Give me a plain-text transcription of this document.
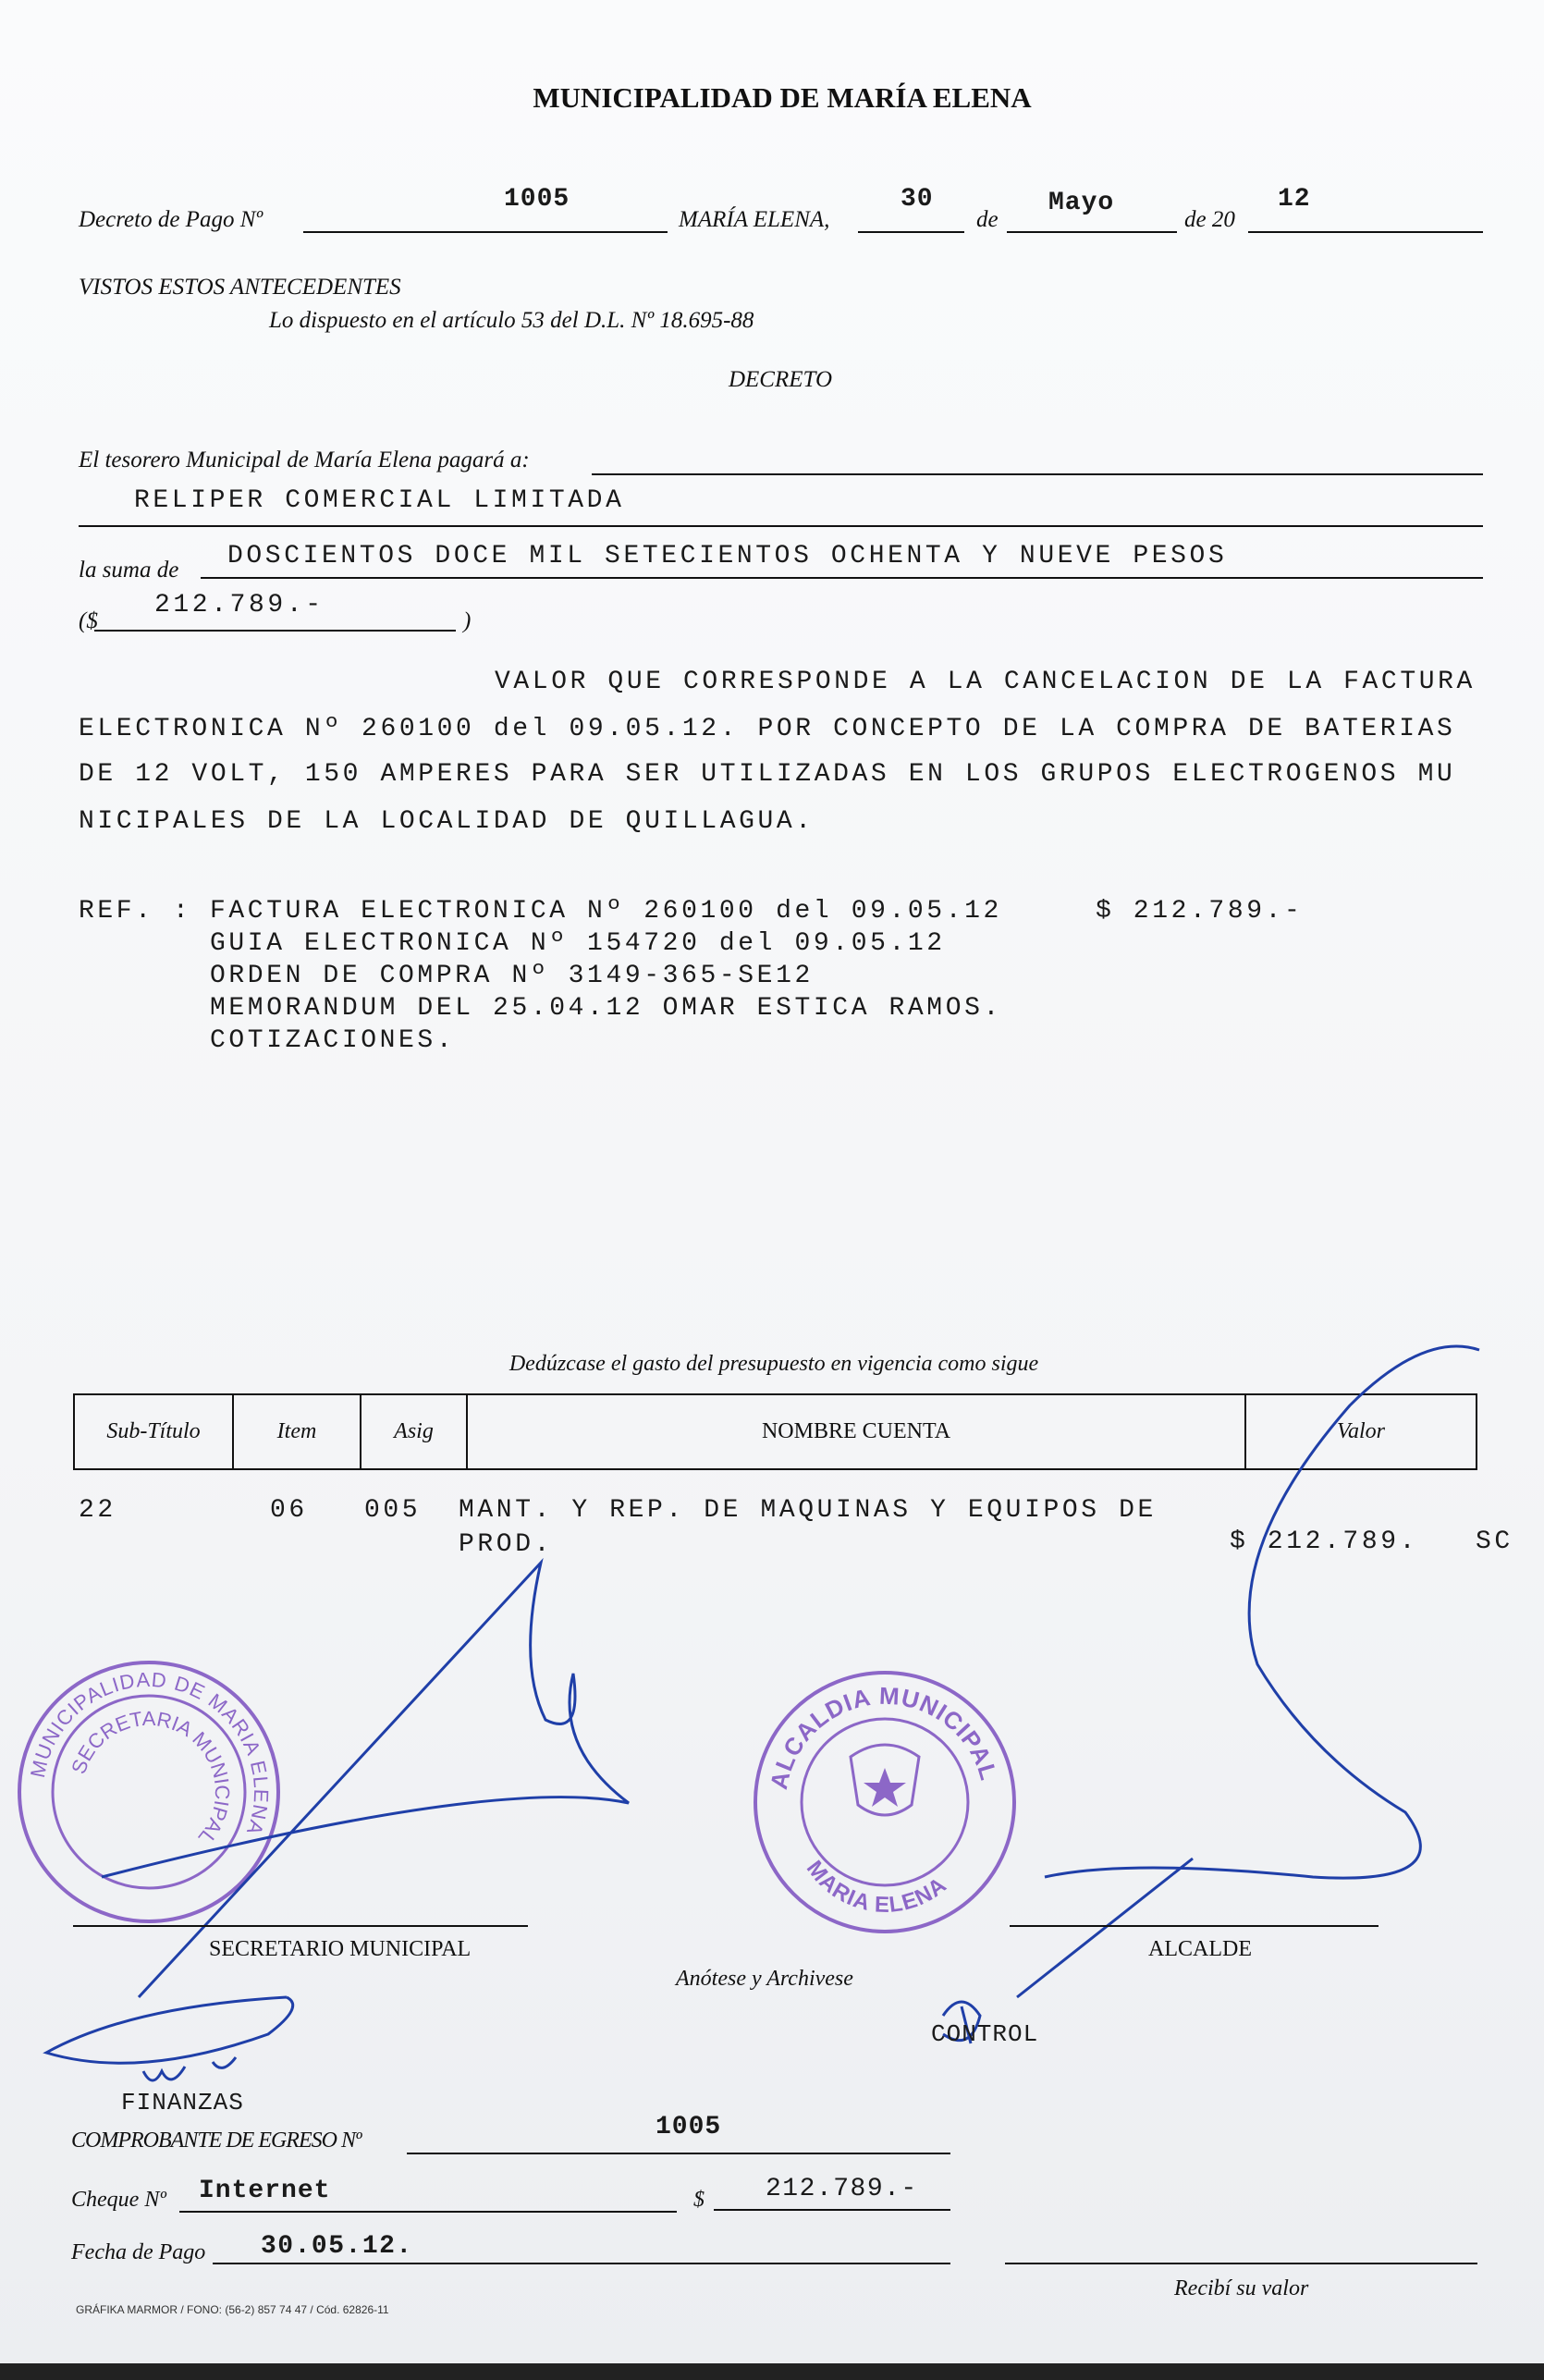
MUNICIPALIDAD DE MARÍA ELENA
Decreto de Pago Nº
1005
MARÍA ELENA,
30
de
Mayo
de 20
12
VISTOS ESTOS ANTECEDENTES
Lo dispuesto en el artículo 53 del D.L. Nº 18.695-88
DECRETO
El tesorero Municipal de María Elena pagará a:
RELIPER COMERCIAL LIMITADA
la suma de DOSCIENTOS DOCE MIL SETECIENTOS OCHENTA Y NUEVE PESOS
($
212.789.-
)
VALOR QUE CORRESPONDE A LA CANCELACION DE LA FACTURA
ELECTRONICA Nº 260100 del 09.05.12. POR CONCEPTO DE LA COMPRA DE BATERIAS
DE 12 VOLT, 150 AMPERES PARA SER UTILIZADAS EN LOS GRUPOS ELECTROGENOS MU
NICIPALES DE LA LOCALIDAD DE QUILLAGUA.
REF. : FACTURA ELECTRONICA Nº 260100 del 09.05.12
GUIA ELECTRONICA Nº 154720 del 09.05.12
ORDEN DE COMPRA Nº 3149-365-SE12
MEMORANDUM DEL 25.04.12 OMAR ESTICA RAMOS.
COTIZACIONES.
$ 212.789.-
Dedúzcase el gasto del presupuesto en vigencia como sigue
Sub-Título	Item	Asig	NOMBRE CUENTA	Valor
22	06 005 MANT. Y REP. DE MAQUINAS Y EQUIPOS DE
PROD.	$ 212.789. SC
MUNICIPALIDAD DE MARIA ELENA
SECRETARIA MUNICIPAL
ALCALDIA MUNICIPAL
MARIA ELENA
SECRETARIO MUNICIPAL	ALCALDE
Anótese y Archivese
CONTROL
FINANZAS
COMPROBANTE DE EGRESO Nº	1005
Cheque Nº Internet	$ 212.789.-
Fecha de Pago 30.05.12.
Recibí su valor
GRÁFIKA MARMOR / FONO: (56-2) 857 74 47 / Cód. 62826-11
